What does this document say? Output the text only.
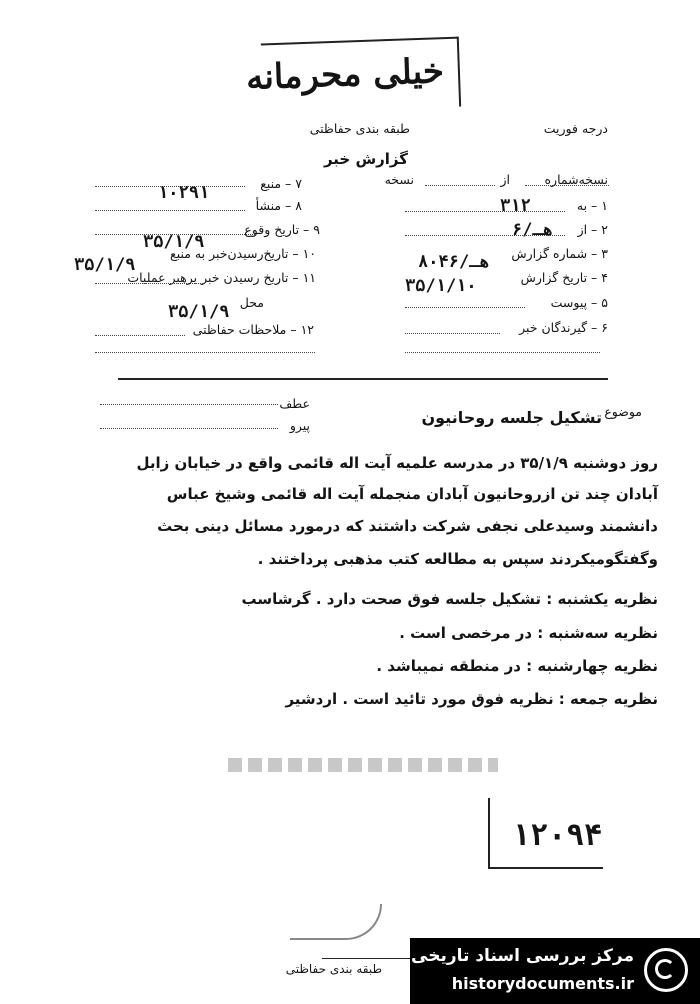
خیلی محرمانه
طبقه بندی حفاظتی	درجه فوریت
گزارش خبر
نسخه‌شماره
از
نسخه
۷ – منبع
۱۰۲۹۱
۸ – منشأ
۹ – تاریخ وقوع
۳۵/۱/۹
۱۰ – تاریخ‌رسیدن‌خبر به منبع
۳۵/۱/۹
۱۱ – تاریخ رسیدن خبر برهبر عملیات
محل
۳۵/۱/۹
۱۲ – ملاحظات حفاظتی
۱ – به
۳۱۲
۲ – از
۶/هـ
۳ – شماره گزارش
۸۰۴۶/هـ
۴ – تاریخ گزارش
۳۵/۱/۱۰
۵ – پیوست
۶ – گیرندگان خبر
عطف
پیرو
موضوع
تشکیل جلسه روحانیون
روز دوشنبه ۳۵/۱/۹ در مدرسه علمیه آیت اله قائمی واقع در خیابان زابل
آبادان چند تن ازروحانیون آبادان منجمله آیت اله قائمی وشیخ عباس
دانشمند وسیدعلی نجفی شرکت داشتند که درمورد مسائل دینی بحث
وگفتگومیکردند سپس به مطالعه کتب مذهبی پرداختند .
نظریه یکشنبه : تشکیل جلسه فوق صحت دارد . گرشاسب
نظریه سه‌شنبه : در مرخصی است .
نظریه چهارشنبه : در منطقه نمیباشد .
نظریه جمعه : نظریه فوق مورد تائید است . اردشیر
۱۲۰۹۴
طبقه بندی حفاظتی
مرکز بررسی اسناد تاریخی
historydocuments.ir
